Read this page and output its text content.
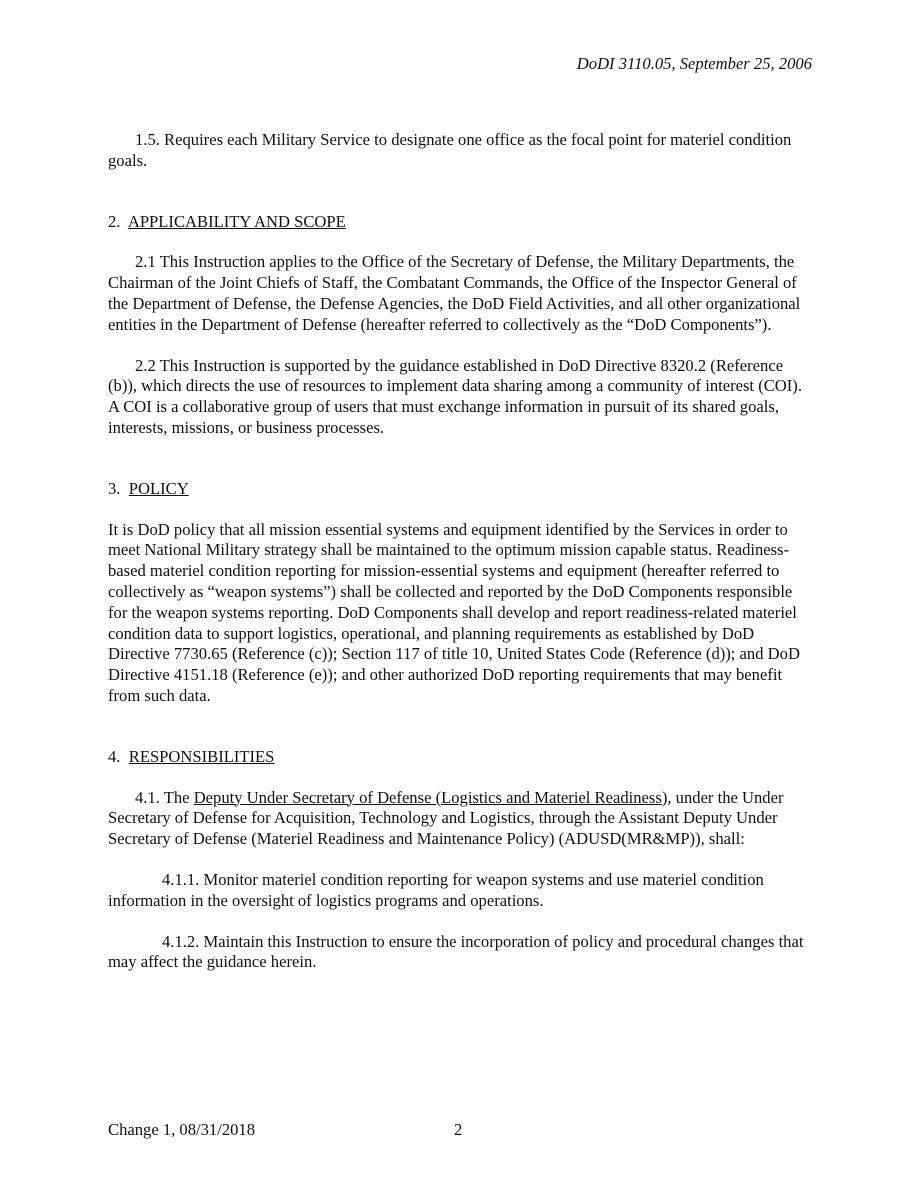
DoDI 3110.05, September 25, 2006

1.5. Requires each Military Service to designate one office as the focal point for materiel condition goals.

2. APPLICABILITY AND SCOPE

2.1 This Instruction applies to the Office of the Secretary of Defense, the Military Departments, the Chairman of the Joint Chiefs of Staff, the Combatant Commands, the Office of the Inspector General of the Department of Defense, the Defense Agencies, the DoD Field Activities, and all other organizational entities in the Department of Defense (hereafter referred to collectively as the “DoD Components”).

2.2 This Instruction is supported by the guidance established in DoD Directive 8320.2 (Reference (b)), which directs the use of resources to implement data sharing among a community of interest (COI). A COI is a collaborative group of users that must exchange information in pursuit of its shared goals, interests, missions, or business processes.

3. POLICY

It is DoD policy that all mission essential systems and equipment identified by the Services in order to meet National Military strategy shall be maintained to the optimum mission capable status. Readiness-based materiel condition reporting for mission-essential systems and equipment (hereafter referred to collectively as “weapon systems”) shall be collected and reported by the DoD Components responsible for the weapon systems reporting. DoD Components shall develop and report readiness-related materiel condition data to support logistics, operational, and planning requirements as established by DoD Directive 7730.65 (Reference (c)); Section 117 of title 10, United States Code (Reference (d)); and DoD Directive 4151.18 (Reference (e)); and other authorized DoD reporting requirements that may benefit from such data.

4. RESPONSIBILITIES

4.1. The Deputy Under Secretary of Defense (Logistics and Materiel Readiness), under the Under Secretary of Defense for Acquisition, Technology and Logistics, through the Assistant Deputy Under Secretary of Defense (Materiel Readiness and Maintenance Policy) (ADUSD(MR&MP)), shall:

4.1.1. Monitor materiel condition reporting for weapon systems and use materiel condition information in the oversight of logistics programs and operations.

4.1.2. Maintain this Instruction to ensure the incorporation of policy and procedural changes that may affect the guidance herein.

Change 1, 08/31/2018	2
